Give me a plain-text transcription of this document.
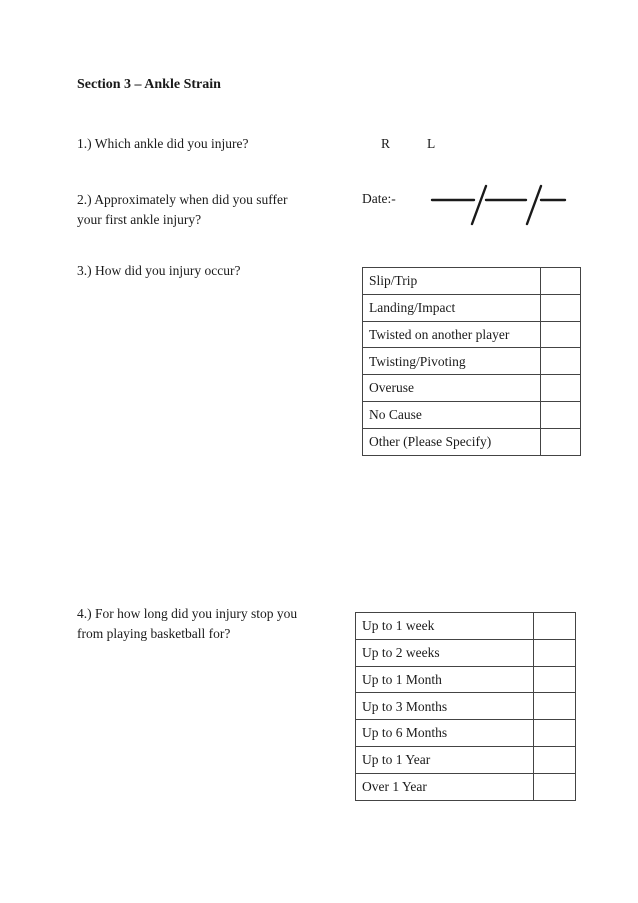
Section 3 – Ankle Strain
1.) Which ankle did you injure?	R	L
2.) Approximately when did you suffer
your first ankle injury?
Date:-
3.) How did you injury occur?
Slip/Trip	
Landing/Impact	
Twisted on another player	
Twisting/Pivoting	
Overuse	
No Cause	
Other (Please Specify)	
4.) For how long did you injury stop you
from playing basketball for?
Up to 1 week	
Up to 2 weeks	
Up to 1 Month	
Up to 3 Months	
Up to 6 Months	
Up to 1 Year	
Over 1 Year	
